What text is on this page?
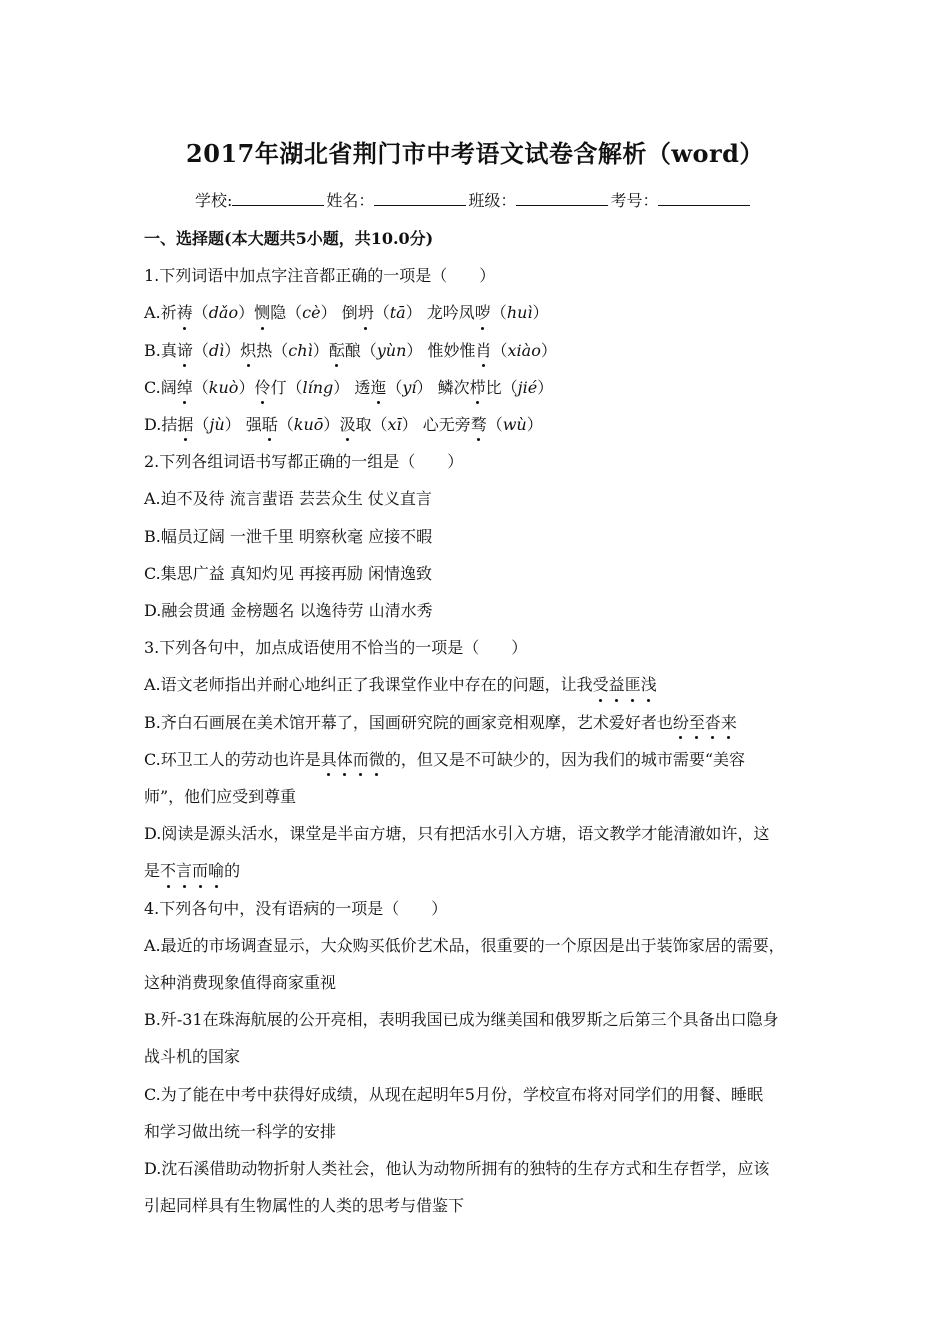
2017年湖北省荆门市中考语文试卷含解析（word）
学校:	姓名：	班级：	考号：

一、选择题(本大题共5小题，共10.0分)

1.下列词语中加点字注音都正确的一项是（　　）

A.祈祷（dǎo）恻隐（cè） 倒坍（tā） 龙吟凤哕（huì）

B.真谛（dì）炽热（chì）酝酿（yùn） 惟妙惟肖（xiào）

C.阔绰（kuò）伶仃（líng） 透迤（yí） 鳞次栉比（jié）

D.拮据（jù） 强聒（kuō）汲取（xī） 心无旁骛（wù）

2.下列各组词语书写都正确的一组是（　　）

A.迫不及待 流言蜚语 芸芸众生 仗义直言

B.幅员辽阔 一泄千里 明察秋毫 应接不暇

C.集思广益 真知灼见 再接再励 闲情逸致

D.融会贯通 金榜题名 以逸待劳 山清水秀

3.下列各句中，加点成语使用不恰当的一项是（　　）

A.语文老师指出并耐心地纠正了我课堂作业中存在的问题，让我受益匪浅

B.齐白石画展在美术馆开幕了，国画研究院的画家竞相观摩，艺术爱好者也纷至沓来

C.环卫工人的劳动也许是具体而微的，但又是不可缺少的，因为我们的城市需要“美容
师”，他们应受到尊重

D.阅读是源头活水，课堂是半亩方塘，只有把活水引入方塘，语文教学才能清澈如许，这
是不言而喻的

4.下列各句中，没有语病的一项是（　　）

A.最近的市场调查显示，大众购买低价艺术品，很重要的一个原因是出于装饰家居的需要，
这种消费现象值得商家重视

B.歼-31在珠海航展的公开亮相，表明我国已成为继美国和俄罗斯之后第三个具备出口隐身
战斗机的国家

C.为了能在中考中获得好成绩，从现在起明年5月份，学校宣布将对同学们的用餐、睡眠
和学习做出统一科学的安排

D.沈石溪借助动物折射人类社会，他认为动物所拥有的独特的生存方式和生存哲学，应该
引起同样具有生物属性的人类的思考与借鉴下
